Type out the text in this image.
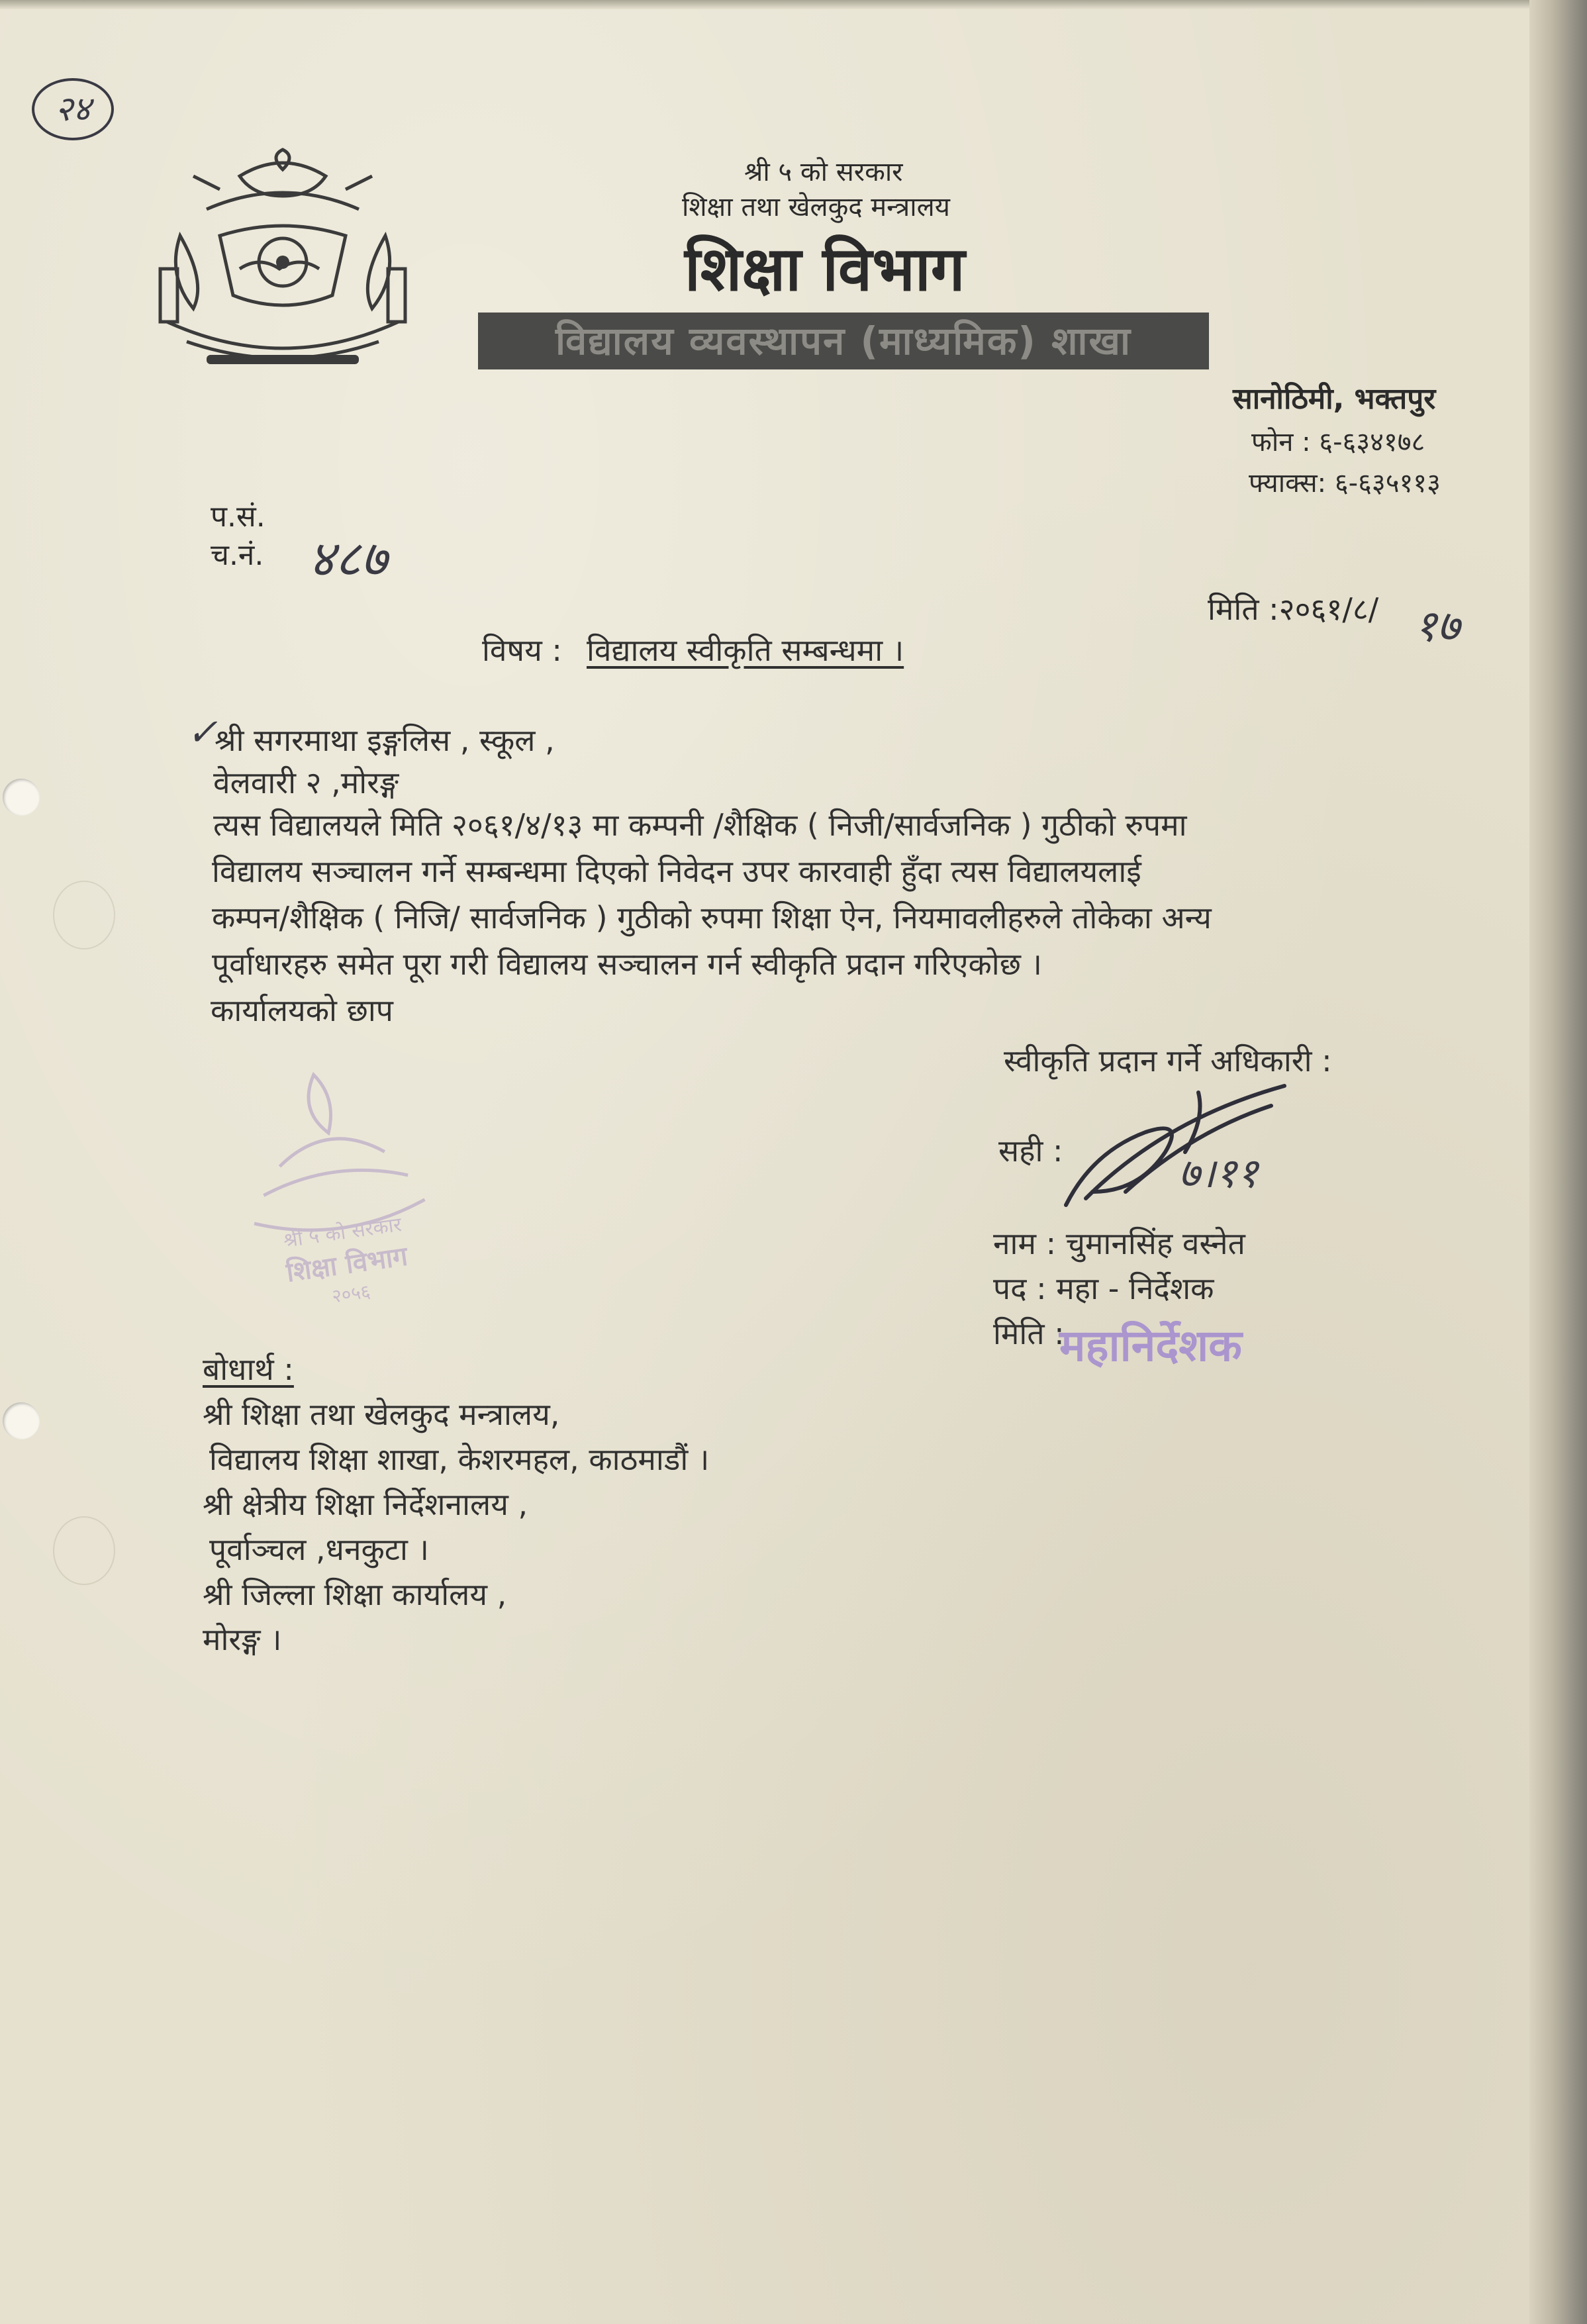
२४
श्री ५ को सरकार
शिक्षा तथा खेलकुद मन्त्रालय
शिक्षा विभाग
विद्यालय व्यवस्थापन (माध्यमिक) शाखा
सानोठिमी, भक्तपुर
फोन : ६-६३४१७८
फ्याक्स: ६-६३५११३
प.सं.
च.नं. ४८७
मिति :२०६१/८/ १७
विषय : विद्यालय स्वीकृति सम्बन्धमा ।
✓
श्री सगरमाथा इङ्गलिस , स्कूल ,
वेलवारी २ ,मोरङ्ग
त्यस विद्यालयले मिति २०६१/४/१३ मा कम्पनी /शैक्षिक ( निजी/सार्वजनिक ) गुठीको रुपमा
विद्यालय सञ्चालन गर्ने सम्बन्धमा दिएको निवेदन उपर कारवाही हुँदा त्यस विद्यालयलाई
कम्पन/शैक्षिक ( निजि/ सार्वजनिक ) गुठीको रुपमा शिक्षा ऐन, नियमावलीहरुले तोकेका अन्य
पूर्वाधारहरु समेत पूरा गरी विद्यालय सञ्चालन गर्न स्वीकृति प्रदान गरिएकोछ ।
कार्यालयको छाप
स्वीकृति प्रदान गर्ने अधिकारी :
सही :	७।११
नाम : चुमानसिंह वस्नेत
पद : महा - निर्देशक
मिति :
महानिर्देशक
श्री ५ को सरकार
शिक्षा विभाग
२०५६
बोधार्थ :
श्री शिक्षा तथा खेलकुद मन्त्रालय,
विद्यालय शिक्षा शाखा, केशरमहल, काठमाडौं ।
श्री क्षेत्रीय शिक्षा निर्देशनालय ,
पूर्वाञ्चल ,धनकुटा ।
श्री जिल्ला शिक्षा कार्यालय ,
मोरङ्ग ।
